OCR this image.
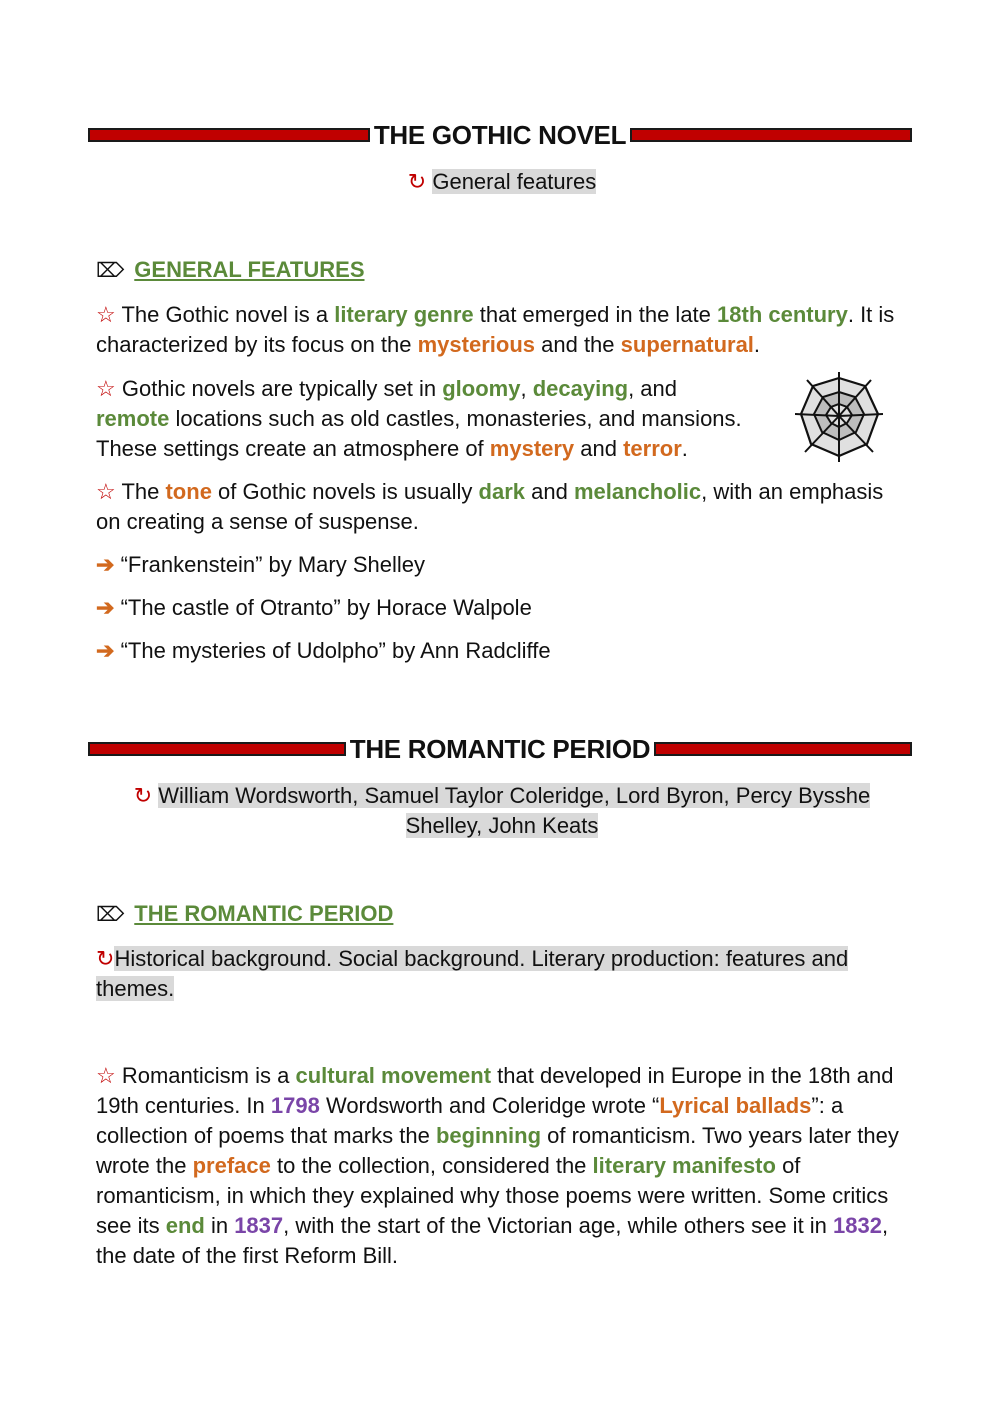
THE GOTHIC NOVEL
↻ General features
⌦ GENERAL FEATURES
☆ The Gothic novel is a literary genre that emerged in the late 18th century. It is characterized by its focus on the mysterious and the supernatural.
☆ Gothic novels are typically set in gloomy, decaying, and
remote locations such as old castles, monasteries, and mansions.
These settings create an atmosphere of mystery and terror.
☆ The tone of Gothic novels is usually dark and melancholic, with an emphasis on creating a sense of suspense.
➔ “Frankenstein” by Mary Shelley
➔ “The castle of Otranto” by Horace Walpole
➔ “The mysteries of Udolpho” by Ann Radcliffe
THE ROMANTIC PERIOD
↻ William Wordsworth, Samuel Taylor Coleridge, Lord Byron, Percy Bysshe Shelley, John Keats
⌦ THE ROMANTIC PERIOD
↻Historical background. Social background. Literary production: features and themes.
☆ Romanticism is a cultural movement that developed in Europe in the 18th and 19th centuries. In 1798 Wordsworth and Coleridge wrote “Lyrical ballads”: a collection of poems that marks the beginning of romanticism. Two years later they wrote the preface to the collection, considered the literary manifesto of romanticism, in which they explained why those poems were written. Some critics see its end in 1837, with the start of the Victorian age, while others see it in 1832, the date of the first Reform Bill.
